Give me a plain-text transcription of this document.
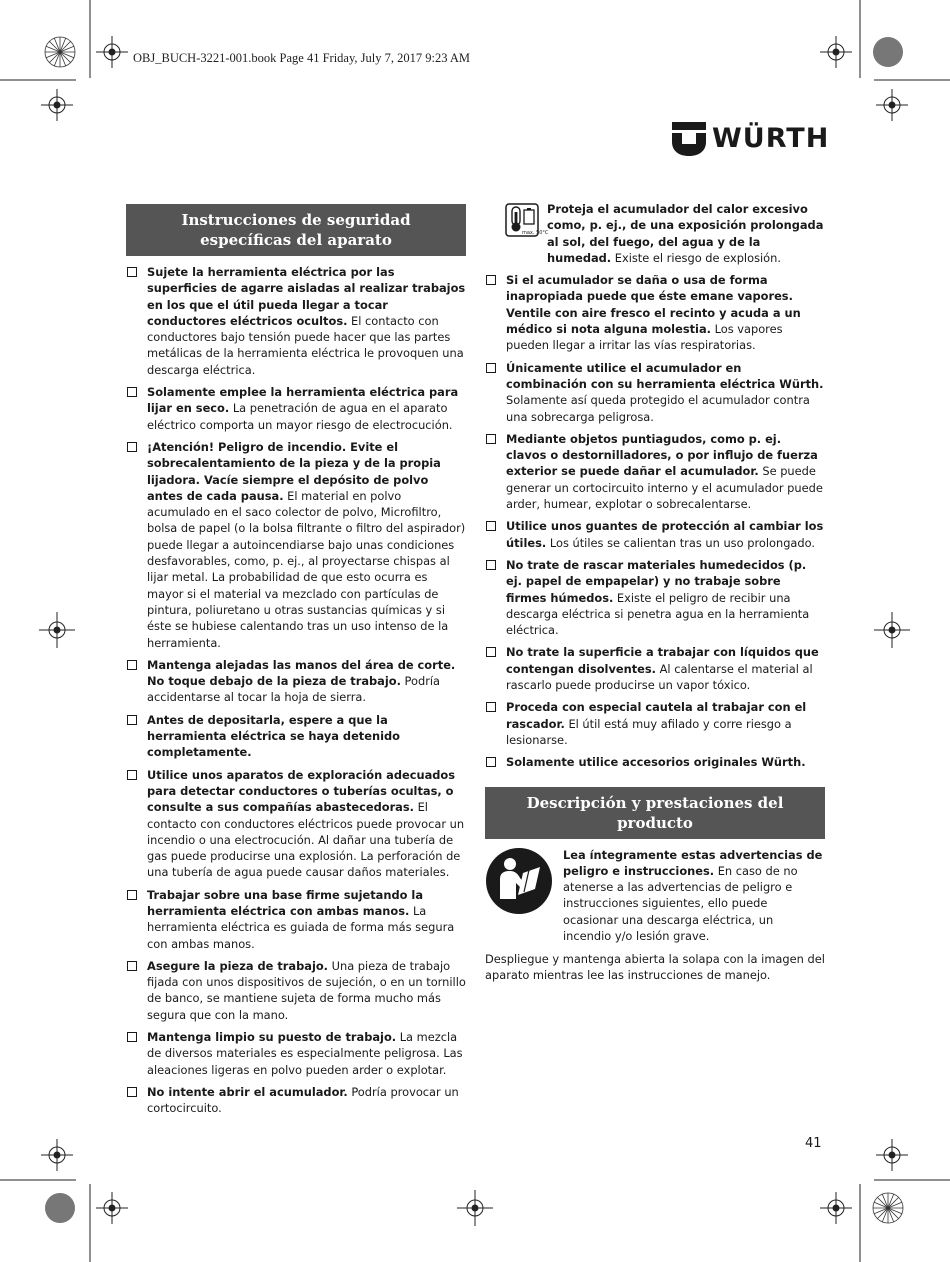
OBJ_BUCH-3221-001.book Page 41 Friday, July 7, 2017 9:23 AM
WÜRTH
Instrucciones de seguridad específicas del aparato
Sujete la herramienta eléctrica por las superficies de agarre aisladas al realizar trabajos en los que el útil pueda llegar a tocar conductores eléctricos ocultos. El contacto con conductores bajo tensión puede hacer que las partes metálicas de la herramienta eléctrica le provoquen una descarga eléctrica.
Solamente emplee la herramienta eléctrica para lijar en seco. La penetración de agua en el aparato eléctrico comporta un mayor riesgo de electrocución.
¡Atención! Peligro de incendio. Evite el sobrecalentamiento de la pieza y de la propia lijadora. Vacíe siempre el depósito de polvo antes de cada pausa. El material en polvo acumulado en el saco colector de polvo, Microfiltro, bolsa de papel (o la bolsa filtrante o filtro del aspirador) puede llegar a autoincendiarse bajo unas condiciones desfavorables, como, p. ej., al proyectarse chispas al lijar metal. La probabilidad de que esto ocurra es mayor si el material va mezclado con partículas de pintura, poliuretano u otras sustancias químicas y si éste se hubiese calentando tras un uso intenso de la herramienta.
Mantenga alejadas las manos del área de corte. No toque debajo de la pieza de trabajo. Podría accidentarse al tocar la hoja de sierra.
Antes de depositarla, espere a que la herramienta eléctrica se haya detenido completamente.
Utilice unos aparatos de exploración adecuados para detectar conductores o tuberías ocultas, o consulte a sus compañías abastecedoras. El contacto con conductores eléctricos puede provocar un incendio o una electrocución. Al dañar una tubería de gas puede producirse una explosión. La perforación de una tubería de agua puede causar daños materiales.
Trabajar sobre una base firme sujetando la herramienta eléctrica con ambas manos. La herramienta eléctrica es guiada de forma más segura con ambas manos.
Asegure la pieza de trabajo. Una pieza de trabajo fijada con unos dispositivos de sujeción, o en un tornillo de banco, se mantiene sujeta de forma mucho más segura que con la mano.
Mantenga limpio su puesto de trabajo. La mezcla de diversos materiales es especialmente peligrosa. Las aleaciones ligeras en polvo pueden arder o explotar.
No intente abrir el acumulador. Podría provocar un cortocircuito.
max. 50°C
Proteja el acumulador del calor excesivo como, p. ej., de una exposición prolongada al sol, del fuego, del agua y de la humedad. Existe el riesgo de explosión.
Si el acumulador se daña o usa de forma inapropiada puede que éste emane vapores. Ventile con aire fresco el recinto y acuda a un médico si nota alguna molestia. Los vapores pueden llegar a irritar las vías respiratorias.
Únicamente utilice el acumulador en combinación con su herramienta eléctrica Würth. Solamente así queda protegido el acumulador contra una sobrecarga peligrosa.
Mediante objetos puntiagudos, como p. ej. clavos o destornilladores, o por influjo de fuerza exterior se puede dañar el acumulador. Se puede generar un cortocircuito interno y el acumulador puede arder, humear, explotar o sobrecalentarse.
Utilice unos guantes de protección al cambiar los útiles. Los útiles se calientan tras un uso prolongado.
No trate de rascar materiales humedecidos (p. ej. papel de empapelar) y no trabaje sobre firmes húmedos. Existe el peligro de recibir una descarga eléctrica si penetra agua en la herramienta eléctrica.
No trate la superficie a trabajar con líquidos que contengan disolventes. Al calentarse el material al rascarlo puede producirse un vapor tóxico.
Proceda con especial cautela al trabajar con el rascador. El útil está muy afilado y corre riesgo a lesionarse.
Solamente utilice accesorios originales Würth.
Descripción y prestaciones del producto
Lea íntegramente estas advertencias de peligro e instrucciones. En caso de no atenerse a las advertencias de peligro e instrucciones siguientes, ello puede ocasionar una descarga eléctrica, un incendio y/o lesión grave.

Despliegue y mantenga abierta la solapa con la imagen del aparato mientras lee las instrucciones de manejo.

41
